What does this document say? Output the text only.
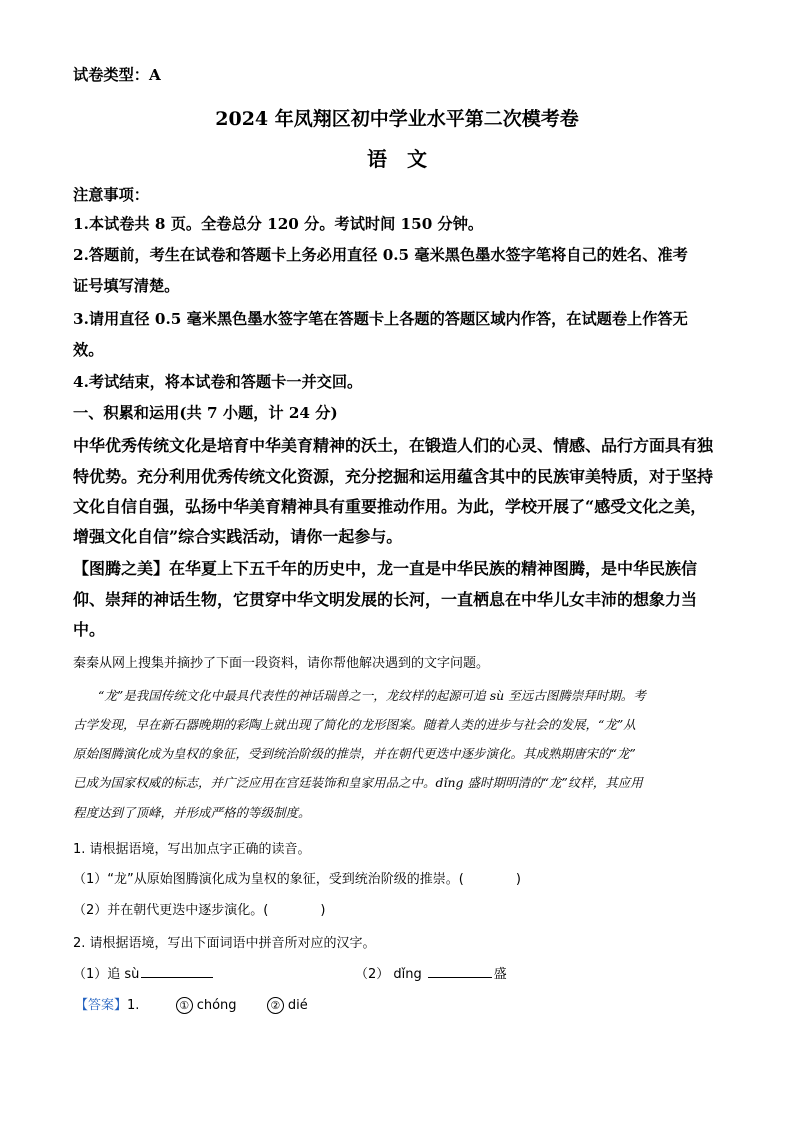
试卷类型：A
2024 年凤翔区初中学业水平第二次模考卷
语　文
注意事项：
1.本试卷共 8 页。全卷总分 120 分。考试时间 150 分钟。
2.答题前，考生在试卷和答题卡上务必用直径 0.5 毫米黑色墨水签字笔将自己的姓名、准考
证号填写清楚。
3.请用直径 0.5 毫米黑色墨水签字笔在答题卡上各题的答题区域内作答，在试题卷上作答无
效。
4.考试结束，将本试卷和答题卡一并交回。
一、积累和运用(共 7 小题，计 24 分)
中华优秀传统文化是培育中华美育精神的沃土，在锻造人们的心灵、情感、品行方面具有独
特优势。充分利用优秀传统文化资源，充分挖掘和运用蕴含其中的民族审美特质，对于坚持
文化自信自强，弘扬中华美育精神具有重要推动作用。为此，学校开展了“感受文化之美，
增强文化自信”综合实践活动，请你一起参与。
【图腾之美】在华夏上下五千年的历史中，龙一直是中华民族的精神图腾，是中华民族信
仰、崇拜的神话生物，它贯穿中华文明发展的长河，一直栖息在中华儿女丰沛的想象力当
中。
秦秦从网上搜集并摘抄了下面一段资料，请你帮他解决遇到的文字问题。
　　“龙”是我国传统文化中最具代表性的神话瑞兽之一，龙纹样的起源可追 sù 至远古图腾崇拜时期。考
古学发现，早在新石器晚期的彩陶上就出现了简化的龙形图案。随着人类的进步与社会的发展，“龙”从
原始图腾演化成为皇权的象征，受到统治阶级的推崇，并在朝代更迭中逐步演化。其成熟期唐宋的“龙”
已成为国家权威的标志，并广泛应用在宫廷装饰和皇家用品之中。dǐng 盛时期明清的“龙”纹样，其应用
程度达到了顶峰，并形成严格的等级制度。
1. 请根据语境，写出加点字正确的读音。
（1）“龙”从原始图腾演化成为皇权的象征，受到统治阶级的推崇。(	)
（2）并在朝代更迭中逐步演化。(	)
2. 请根据语境，写出下面词语中拼音所对应的汉字。
（1）追 sù	（2） dǐng	盛
【答案】1.	① chóng	② dié
